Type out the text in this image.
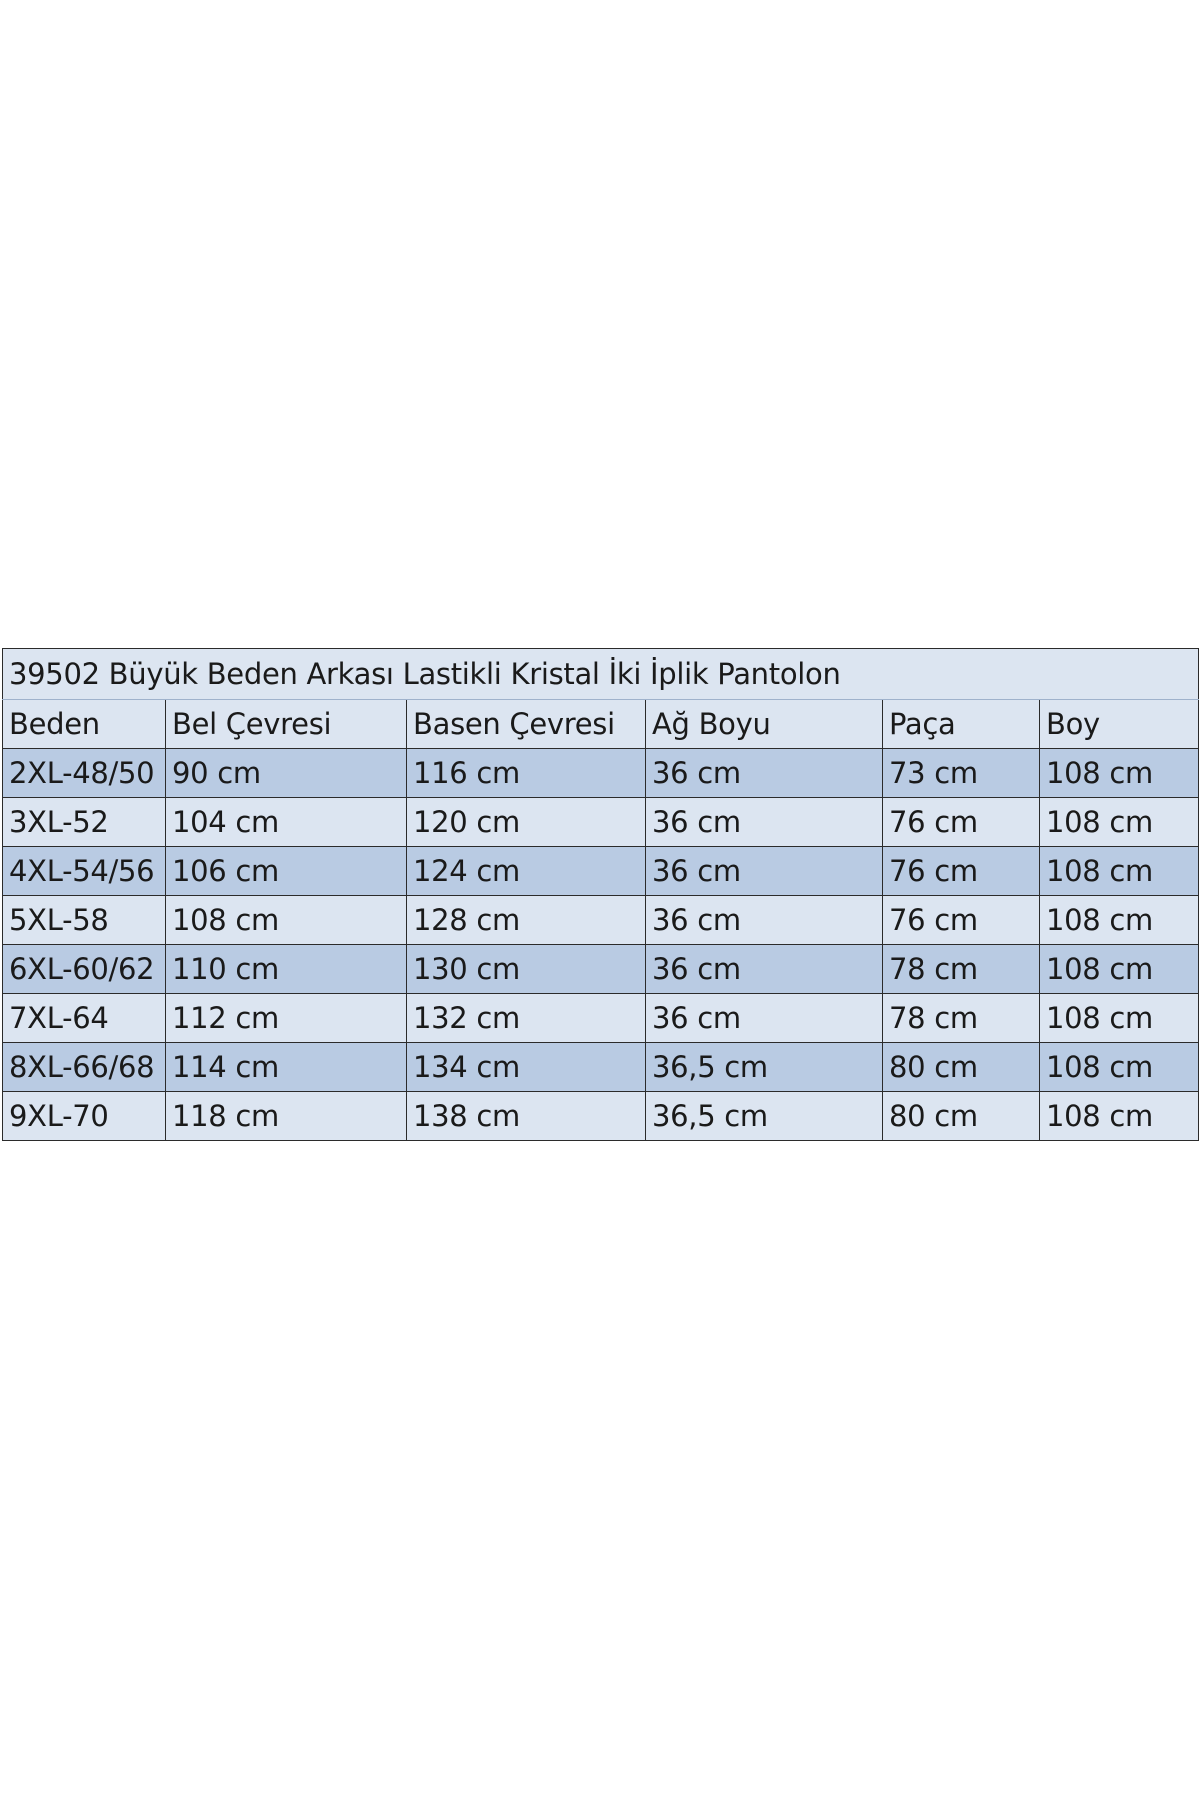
39502 Büyük Beden Arkası Lastikli Kristal İki İplik Pantolon					
Beden	Bel Çevresi	Basen Çevresi	Ağ Boyu	Paça	Boy
2XL-48/50	90 cm	116 cm	36 cm	73 cm	108 cm
3XL-52	104 cm	120 cm	36 cm	76 cm	108 cm
4XL-54/56	106 cm	124 cm	36 cm	76 cm	108 cm
5XL-58	108 cm	128 cm	36 cm	76 cm	108 cm
6XL-60/62	110 cm	130 cm	36 cm	78 cm	108 cm
7XL-64	112 cm	132 cm	36 cm	78 cm	108 cm
8XL-66/68	114 cm	134 cm	36,5 cm	80 cm	108 cm
9XL-70	118 cm	138 cm	36,5 cm	80 cm	108 cm
